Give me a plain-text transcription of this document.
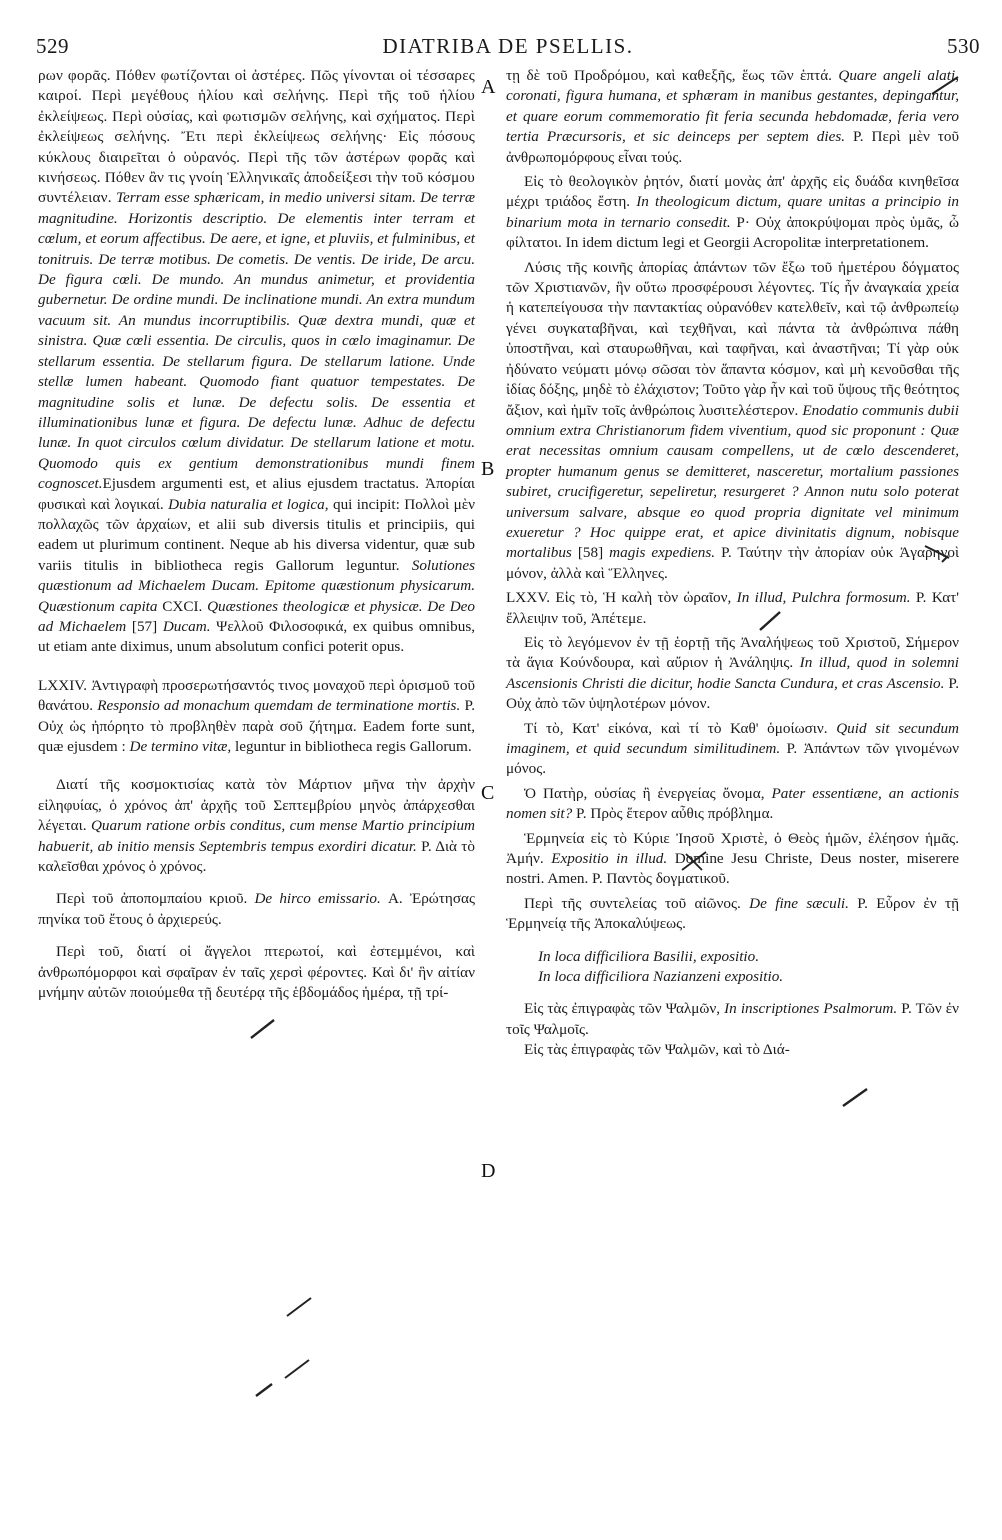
529	DIATRIBA DE PSELLIS.	530
A
B
C
D

ρων φορᾶς. Πόθεν φωτίζονται οἱ ἀστέρες. Πῶς γίνονται οἱ τέσσαρες καιροί. Περὶ μεγέθους ἡλίου καὶ σελήνης. Περὶ τῆς τοῦ ἡλίου ἐκλείψεως. Περὶ οὐσίας, καὶ φωτισμῶν σελήνης, καὶ σχήματος. Περὶ ἐκλείψεως σελήνης. Ἔτι περὶ ἐκλείψεως σελήνης· Εἰς πόσους κύκλους διαιρεῖται ὁ οὐρανός. Περὶ τῆς τῶν ἀστέρων φορᾶς καὶ κινήσεως. Πόθεν ἂν τις γνοίη Ἑλληνικαῖς ἀποδείξεσι τὴν τοῦ κόσμου συντέλειαν. Terram esse sphæricam, in medio universi sitam. De terræ magnitudine. Horizontis descriptio. De elementis inter terram et cœlum, et eorum affectibus. De aere, et igne, et pluviis, et fulminibus, et tonitruis. De terræ motibus. De cometis. De ventis. De iride, De arcu. De figura cœli. De mundo. An mundus animetur, et providentia gubernetur. De ordine mundi. De inclinatione mundi. An extra mundum vacuum sit. An mundus incorruptibilis. Quæ dextra mundi, quæ et sinistra. Quæ cœli essentia. De circulis, quos in cœlo imaginamur. De stellarum essentia. De stellarum figura. De stellarum latione. Unde stellæ lumen habeant. Quomodo fiant quatuor tempestates. De magnitudine solis et lunæ. De defectu solis. De essentia et illuminationibus lunæ et figura. De defectu lunæ. Adhuc de defectu lunæ. In quot circulos cœlum dividatur. De stellarum latione et motu. Quomodo quis ex gentium demonstrationibus mundi finem cognoscet.Ejusdem argumenti est, et alius ejusdem tractatus. Ἀπορίαι φυσικαὶ καὶ λογικαί. Dubia naturalia et logica, qui incipit: Πολλοὶ μὲν πολλαχῶς τῶν ἀρχαίων, et alii sub diversis titulis et principiis, qui eadem ut plurimum continent. Neque ab his diversa videntur, quæ sub variis titulis in bibliotheca regis Gallorum leguntur. Solutiones quæstionum ad Michaelem Ducam. Epitome quæstionum physicarum. Quæstionum capita CXCI. Quæstiones theologicæ et physicæ. De Deo ad Michaelem [57] Ducam. Ψελλοῦ Φιλοσοφικά, ex quibus omnibus, ut etiam ante diximus, unum absolutum confici poterit opus.

LXXIV. Ἀντιγραφὴ προσερωτήσαντός τινος μοναχοῦ περὶ ὁρισμοῦ τοῦ θανάτου. Responsio ad monachum quemdam de terminatione mortis. Ρ. Οὐχ ὡς ἠπόρητο τὸ προβληθὲν παρὰ σοῦ ζήτημα. Eadem forte sunt, quæ ejusdem : De termino vitæ, leguntur in bibliotheca regis Gallorum.

Διατί τῆς κοσμοκτισίας κατὰ τὸν Μάρτιον μῆνα τὴν ἀρχὴν εἰληφυίας, ὁ χρόνος ἀπ' ἀρχῆς τοῦ Σεπτεμβρίου μηνὸς ἀπάρχεσθαι λέγεται. Quarum ratione orbis conditus, cum mense Martio principium habuerit, ab initio mensis Septembris tempus exordiri dicatur. Ρ. Διὰ τὸ καλεῖσθαι χρόνος ὁ χρόνος.

Περὶ τοῦ ἀποπομπαίου κριοῦ. De hirco emissario. Α. Ἐρώτησας πηνίκα τοῦ ἔτους ὁ ἀρχιερεύς.

Περὶ τοῦ, διατί οἱ ἄγγελοι πτερωτοί, καὶ ἐστεμμένοι, καὶ ἀνθρωπόμορφοι καὶ σφαῖραν ἐν ταῖς χερσὶ φέροντες. Καὶ δι' ἣν αἰτίαν μνήμην αὐτῶν ποιούμεθα τῇ δευτέρᾳ τῆς ἑβδομάδος ἡμέρα, τῇ τρί-

τῃ δὲ τοῦ Προδρόμου, καὶ καθεξῆς, ἕως τῶν ἑπτά. Quare angeli alati, coronati, figura humana, et sphæram in manibus gestantes, depingantur, et quare eorum commemoratio fit feria secunda hebdomadæ, feria vero tertia Præcursoris, et sic deinceps per septem dies. Ρ. Περὶ μὲν τοῦ ἀνθρωπομόρφους εἶναι τούς.

Εἰς τὸ θεολογικὸν ῥητόν, διατί μονὰς ἀπ' ἀρχῆς εἰς δυάδα κινηθεῖσα μέχρι τριάδος ἔστη. In theologicum dictum, quare unitas a principio in binarium mota in ternario consedit. Ρ· Οὐχ ἀποκρύψομαι πρὸς ὑμᾶς, ὦ φίλτατοι. In idem dictum legi et Georgii Acropolitæ interpretationem.

Λύσις τῆς κοινῆς ἀπορίας ἁπάντων τῶν ἔξω τοῦ ἡμετέρου δόγματος τῶν Χριστιανῶν, ἣν οὕτω προσφέρουσι λέγοντες. Τίς ἦν ἀναγκαία χρεία ἡ κατεπείγουσα τὴν παντακτίας οὐρανόθεν κατελθεῖν, καὶ τῷ ἀνθρωπείῳ γένει συγκαταβῆναι, καὶ τεχθῆναι, καὶ πάντα τὰ ἀνθρώπινα πάθη ὑποστῆναι, καὶ σταυρωθῆναι, καὶ ταφῆναι, καὶ ἀναστῆναι; Τί γὰρ οὐκ ἠδύνατο νεύματι μόνῳ σῶσαι τὸν ἅπαντα κόσμον, καὶ μὴ κενοῦσθαι τῆς ἰδίας δόξης, μηδὲ τὸ ἐλάχιστον; Τοῦτο γὰρ ἦν καὶ τοῦ ὕψους τῆς θεότητος ἄξιον, καὶ ἡμῖν τοῖς ἀνθρώποις λυσιτελέστερον. Enodatio communis dubii omnium extra Christianorum fidem viventium, quod sic proponunt : Quæ erat necessitas omnium causam compellens, ut de cœlo descenderet, propter humanum genus se demitteret, nasceretur, mortalium passiones subiret, crucifigeretur, sepeliretur, resurgeret ? Annon nutu solo poterat universum salvare, absque eo quod propria dignitate vel minimum exueretur ? Hoc quippe erat, et apice divinitatis dignum, nobisque mortalibus [58] magis expediens. Ρ. Ταύτην τὴν ἀπορίαν οὐκ Ἀγαρηνοὶ μόνον, ἀλλὰ καὶ Ἕλληνες.

LXXV. Εἰς τὸ, Ἡ καλὴ τὸν ὡραῖον, In illud, Pulchra formosum. Ρ. Κατ' ἔλλειψιν τοῦ, Ἀπέτεμε.

Εἰς τὸ λεγόμενον ἐν τῇ ἑορτῇ τῆς Ἀναλήψεως τοῦ Χριστοῦ, Σήμερον τὰ ἅγια Κούνδουρα, καὶ αὔριον ἡ Ἀνάληψις. In illud, quod in solemni Ascensionis Christi die dicitur, hodie Sancta Cundura, et cras Ascensio. Ρ. Οὐχ ἀπὸ τῶν ὑψηλοτέρων μόνον.

Τί τὸ, Κατ' εἰκόνα, καὶ τί τὸ Καθ' ὁμοίωσιν. Quid sit secundum imaginem, et quid secundum similitudinem. Ρ. Ἁπάντων τῶν γινομένων μόνος.

Ὁ Πατὴρ, οὐσίας ἢ ἐνεργείας ὄνομα, Pater essentiæne, an actionis nomen sit? Ρ. Πρὸς ἕτερον αὖθις πρόβλημα.

Ἑρμηνεία εἰς τὸ Κύριε Ἰησοῦ Χριστὲ, ὁ Θεὸς ἡμῶν, ἐλέησον ἡμᾶς. Ἀμήν. Expositio in illud. Domine Jesu Christe, Deus noster, miserere nostri. Amen. Ρ. Παντὸς δογματικοῦ.

Περὶ τῆς συντελείας τοῦ αἰῶνος. De fine sæculi. Ρ. Εὗρον ἐν τῇ Ἑρμηνείᾳ τῆς Ἀποκαλύψεως.

In loca difficiliora Basilii, expositio.

In loca difficiliora Nazianzeni expositio.

Εἰς τὰς ἐπιγραφὰς τῶν Ψαλμῶν, In inscriptiones Psalmorum. Ρ. Τῶν ἐν τοῖς Ψαλμοῖς.

Εἰς τὰς ἐπιγραφὰς τῶν Ψαλμῶν, καὶ τὸ Διά-
